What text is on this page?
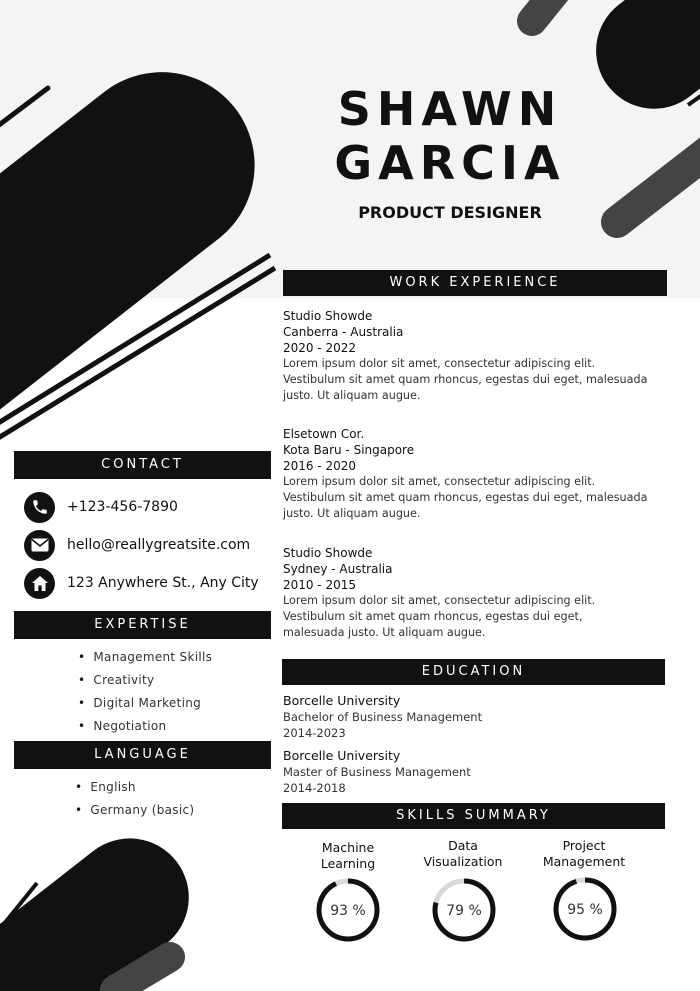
SHAWN
GARCIA
PRODUCT DESIGNER
WORK EXPERIENCE
Studio Showde
Canberra - Australia
2020 - 2022
Lorem ipsum dolor sit amet, consectetur adipiscing elit.
Vestibulum sit amet quam rhoncus, egestas dui eget, malesuada
justo. Ut aliquam augue.
Elsetown Cor.
Kota Baru - Singapore
2016 - 2020
Lorem ipsum dolor sit amet, consectetur adipiscing elit.
Vestibulum sit amet quam rhoncus, egestas dui eget, malesuada
justo. Ut aliquam augue.
Studio Showde
Sydney - Australia
2010 - 2015
Lorem ipsum dolor sit amet, consectetur adipiscing elit.
Vestibulum sit amet quam rhoncus, egestas dui eget,
malesuada justo. Ut aliquam augue.
CONTACT
+123-456-7890
hello@reallygreatsite.com
123 Anywhere St., Any City
EXPERTISE
• Management Skills
• Creativity
• Digital Marketing
• Negotiation
LANGUAGE
• English
• Germany (basic)
EDUCATION
Borcelle University
Bachelor of Business Management
2014-2023
Borcelle University
Master of Business Management
2014-2018
SKILLS SUMMARY
Machine
Learning
Data
Visualization
Project
Management
93 %	79 %	95 %
